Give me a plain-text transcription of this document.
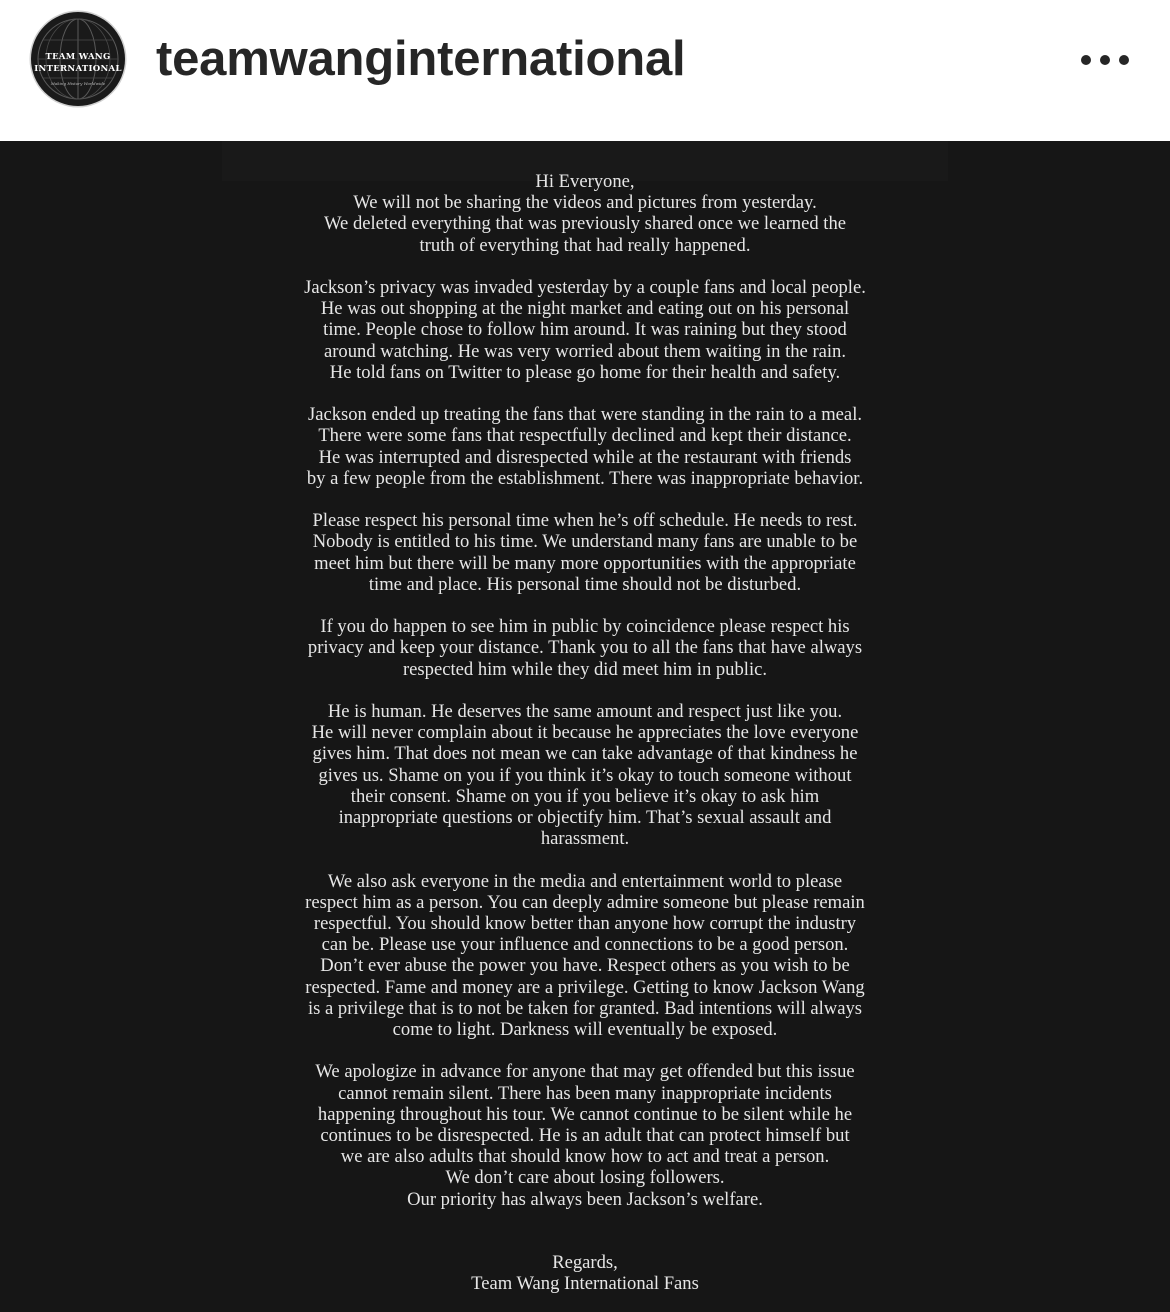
TEAM WANG
INTERNATIONAL
Making History Worldwide teamwanginternational

Hi Everyone,
We will not be sharing the videos and pictures from yesterday.
We deleted everything that was previously shared once we learned the
truth of everything that had really happened.

Jackson’s privacy was invaded yesterday by a couple fans and local people.
He was out shopping at the night market and eating out on his personal
time. People chose to follow him around. It was raining but they stood
around watching. He was very worried about them waiting in the rain.
He told fans on Twitter to please go home for their health and safety.

Jackson ended up treating the fans that were standing in the rain to a meal.
There were some fans that respectfully declined and kept their distance.
He was interrupted and disrespected while at the restaurant with friends
by a few people from the establishment. There was inappropriate behavior.

Please respect his personal time when he’s off schedule. He needs to rest.
Nobody is entitled to his time. We understand many fans are unable to be
meet him but there will be many more opportunities with the appropriate
time and place. His personal time should not be disturbed.

If you do happen to see him in public by coincidence please respect his
privacy and keep your distance. Thank you to all the fans that have always
respected him while they did meet him in public.

He is human. He deserves the same amount and respect just like you.
He will never complain about it because he appreciates the love everyone
gives him. That does not mean we can take advantage of that kindness he
gives us. Shame on you if you think it’s okay to touch someone without
their consent. Shame on you if you believe it’s okay to ask him
inappropriate questions or objectify him. That’s sexual assault and
harassment.

We also ask everyone in the media and entertainment world to please
respect him as a person. You can deeply admire someone but please remain
respectful. You should know better than anyone how corrupt the industry
can be. Please use your influence and connections to be a good person.
Don’t ever abuse the power you have. Respect others as you wish to be
respected. Fame and money are a privilege. Getting to know Jackson Wang
is a privilege that is to not be taken for granted. Bad intentions will always
come to light. Darkness will eventually be exposed.

We apologize in advance for anyone that may get offended but this issue
cannot remain silent. There has been many inappropriate incidents
happening throughout his tour. We cannot continue to be silent while he
continues to be disrespected. He is an adult that can protect himself but
we are also adults that should know how to act and treat a person.
We don’t care about losing followers.
Our priority has always been Jackson’s welfare.

Regards,
Team Wang International Fans
